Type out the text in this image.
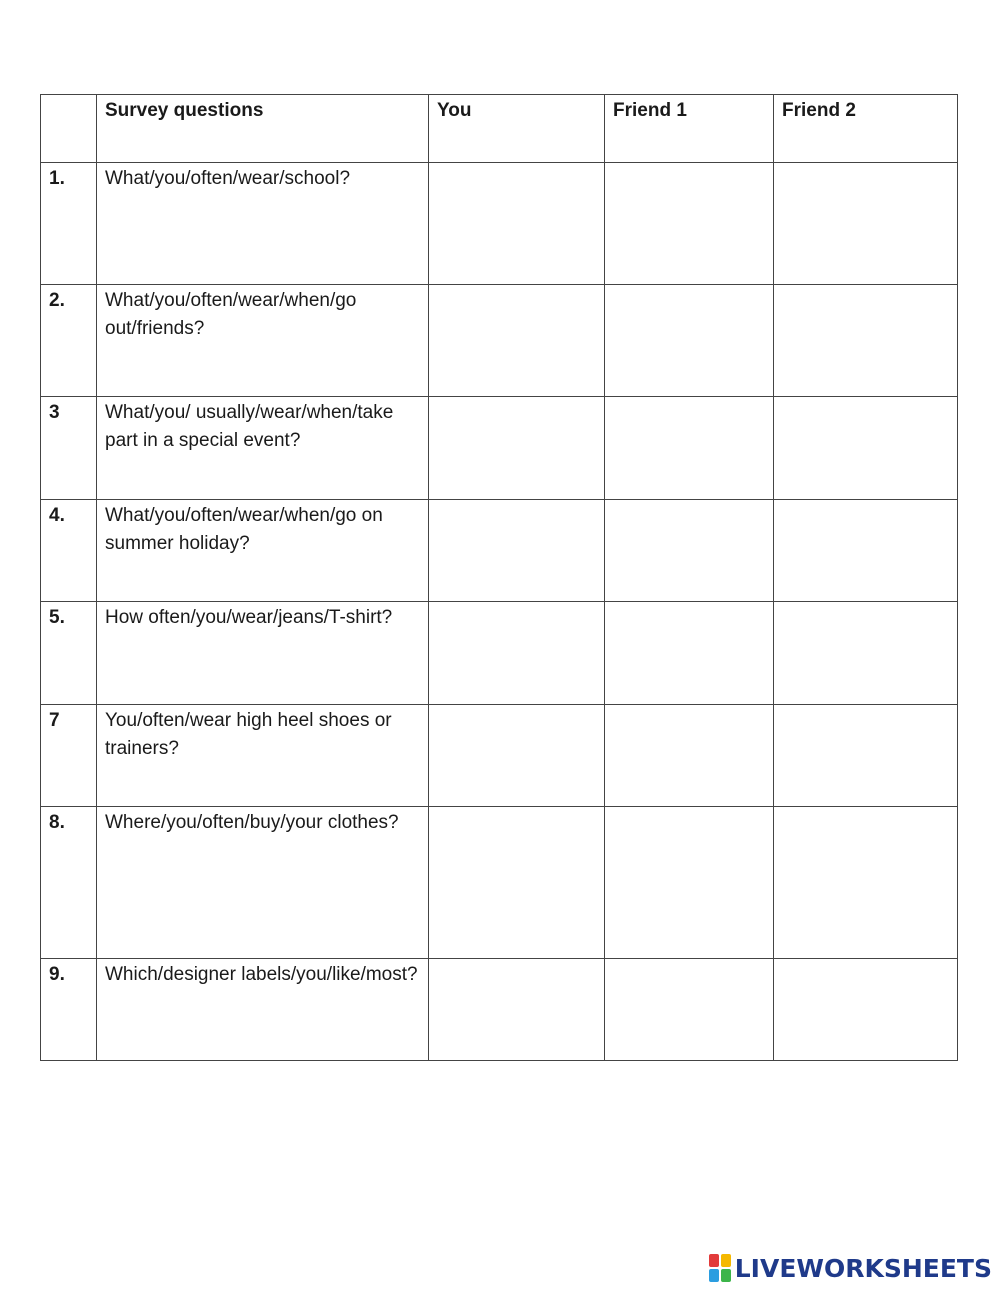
	Survey questions	You	Friend 1	Friend 2

1.	What/you/often/wear/school?			

2.	What/you/often/wear/when/go out/friends?			

3	What/you/ usually/wear/when/take part in a special event?			

4.	What/you/often/wear/when/go on summer holiday?			

5.	How often/you/wear/jeans/T-shirt?			

7	You/often/wear high heel shoes or trainers?			

8.	Where/you/often/buy/your clothes?			

9.	Which/designer labels/you/like/most?			

LIVEWORKSHEETS
